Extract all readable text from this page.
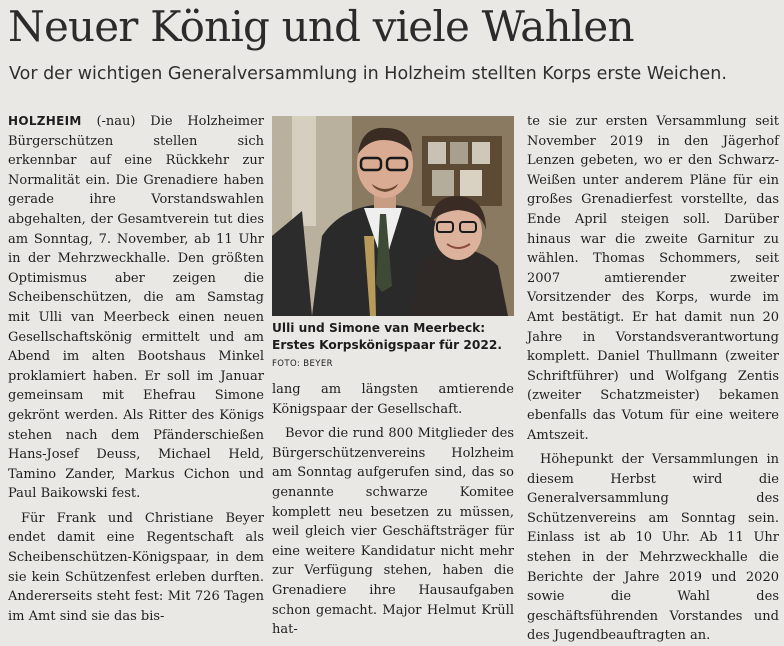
Neuer König und viele Wahlen
Vor der wichtigen Generalversammlung in Holzheim stellten Korps erste Weichen.

HOLZHEIM (-nau) Die Holzheimer Bürgerschützen stellen sich erkennbar auf eine Rückkehr zur Normalität ein. Die Grenadiere haben gerade ihre Vorstandswahlen abgehalten, der Gesamtverein tut dies am Sonntag, 7. November, ab 11 Uhr in der Mehrzweckhalle. Den größten Optimismus aber zeigen die Scheibenschützen, die am Samstag mit Ulli van Meerbeck einen neuen Gesellschaftskönig ermittelt und am Abend im alten Bootshaus Minkel proklamiert haben. Er soll im Januar gemeinsam mit Ehefrau Simone gekrönt werden. Als Ritter des Königs stehen nach dem Pfänderschießen Hans-Josef Deuss, Michael Held, Tamino Zander, Markus Cichon und Paul Baikowski fest.

Für Frank und Christiane Beyer endet damit eine Regentschaft als Scheibenschützen-Königspaar, in dem sie kein Schützenfest erleben durften. Andererseits steht fest: Mit 726 Tagen im Amt sind sie das bis-

Ulli und Simone van Meerbeck: Erstes Korpskönigspaar für 2022. FOTO: BEYER

lang am längsten amtierende Königspaar der Gesellschaft.

Bevor die rund 800 Mitglieder des Bürgerschützenvereins Holzheim am Sonntag aufgerufen sind, das so genannte schwarze Komitee komplett neu besetzen zu müssen, weil gleich vier Geschäftsträger für eine weitere Kandidatur nicht mehr zur Verfügung stehen, haben die Grenadiere ihre Hausaufgaben schon gemacht. Major Helmut Krüll hat-

te sie zur ersten Versammlung seit November 2019 in den Jägerhof Lenzen gebeten, wo er den Schwarz-Weißen unter anderem Pläne für ein großes Grenadierfest vorstellte, das Ende April steigen soll. Darüber hinaus war die zweite Garnitur zu wählen. Thomas Schommers, seit 2007 amtierender zweiter Vorsitzender des Korps, wurde im Amt bestätigt. Er hat damit nun 20 Jahre in Vorstandsverantwortung komplett. Daniel Thullmann (zweiter Schriftführer) und Wolfgang Zentis (zweiter Schatzmeister) bekamen ebenfalls das Votum für eine weitere Amtszeit.

Höhepunkt der Versammlungen in diesem Herbst wird die Generalversammlung des Schützenvereins am Sonntag sein. Einlass ist ab 10 Uhr. Ab 11 Uhr stehen in der Mehrzweckhalle die Berichte der Jahre 2019 und 2020 sowie die Wahl des geschäftsführenden Vorstandes und des Jugendbeauftragten an.
